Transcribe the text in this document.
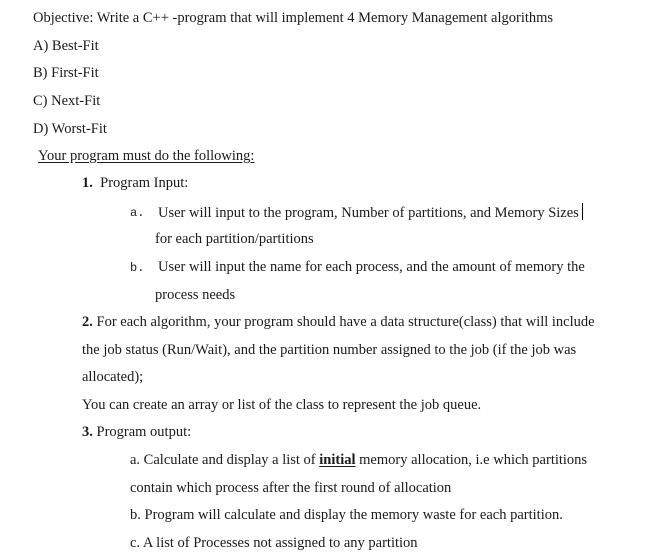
Objective: Write a C++ -program that will implement 4 Memory Management algorithms
A) Best-Fit
B) First-Fit
C) Next-Fit
D) Worst-Fit
Your program must do the following:
1. Program Input:
a. User will input to the program, Number of partitions, and Memory Sizes
for each partition/partitions
b. User will input the name for each process, and the amount of memory the
process needs
2. For each algorithm, your program should have a data structure(class) that will include
the job status (Run/Wait), and the partition number assigned to the job (if the job was
allocated);
You can create an array or list of the class to represent the job queue.
3. Program output:
a. Calculate and display a list of initial memory allocation, i.e which partitions
contain which process after the first round of allocation
b. Program will calculate and display the memory waste for each partition.
c. A list of Processes not assigned to any partition
